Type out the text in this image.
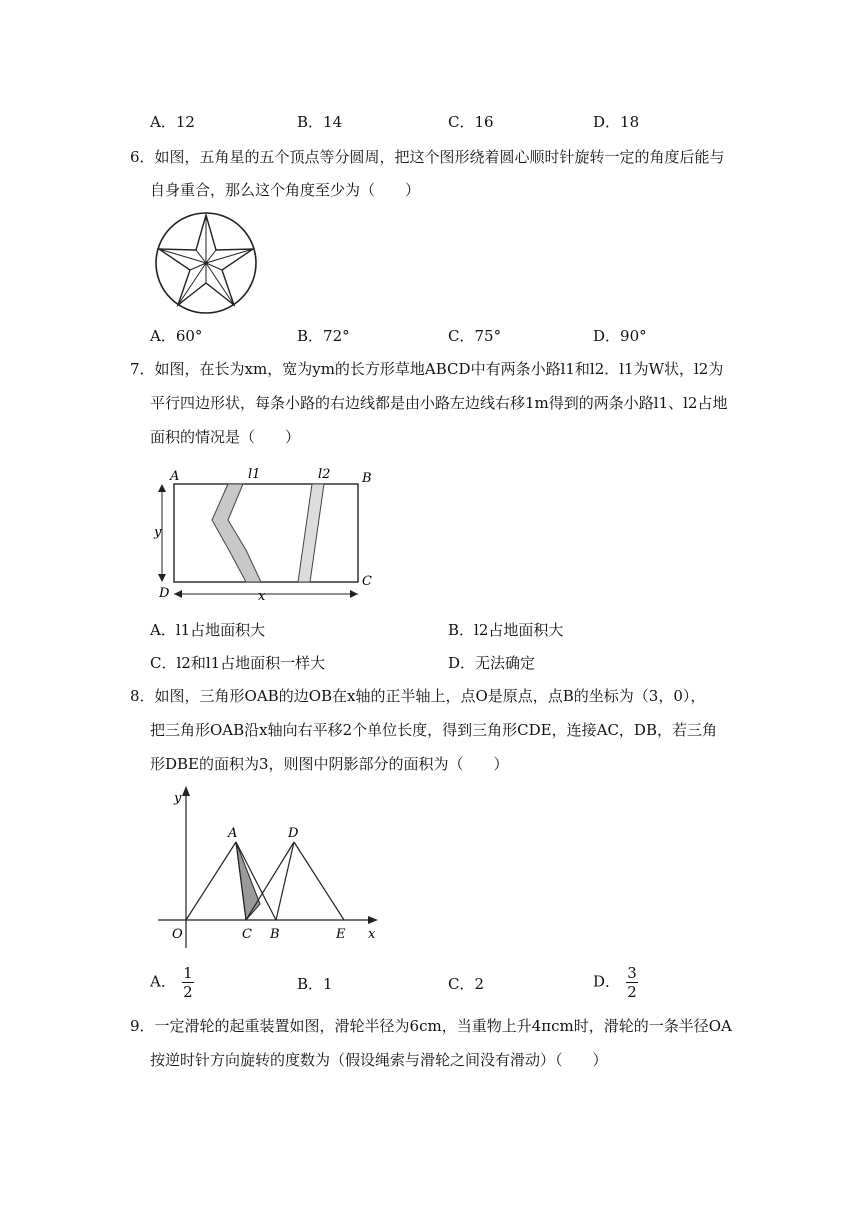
A．12	B．14	C．16	D．18
6．如图，五角星的五个顶点等分圆周，把这个图形绕着圆心顺时针旋转一定的角度后能与
自身重合，那么这个角度至少为（　　）
A．60°	B．72°	C．75°	D．90°
7．如图，在长为xm，宽为ym的长方形草地ABCD中有两条小路l1和l2．l1为W状，l2为
平行四边形状，每条小路的右边线都是由小路左边线右移1m得到的两条小路l1、l2占地
面积的情况是（　　）
A	B
C
D
l1	l2
x
y
A．l1占地面积大	B．l2占地面积大
C．l2和l1占地面积一样大	D．无法确定
8．如图，三角形OAB的边OB在x轴的正半轴上，点O是原点，点B的坐标为（3，0），
把三角形OAB沿x轴向右平移2个单位长度，得到三角形CDE，连接AC，DB，若三角
形DBE的面积为3，则图中阴影部分的面积为（　　）
y
x
A	D
O	C B	E
A． $\frac{1}{2}$	B．1	C．2	D． $\frac{3}{2}$
9．一定滑轮的起重装置如图，滑轮半径为6cm，当重物上升4πcm时，滑轮的一条半径OA
按逆时针方向旋转的度数为（假设绳索与滑轮之间没有滑动）（　　）
